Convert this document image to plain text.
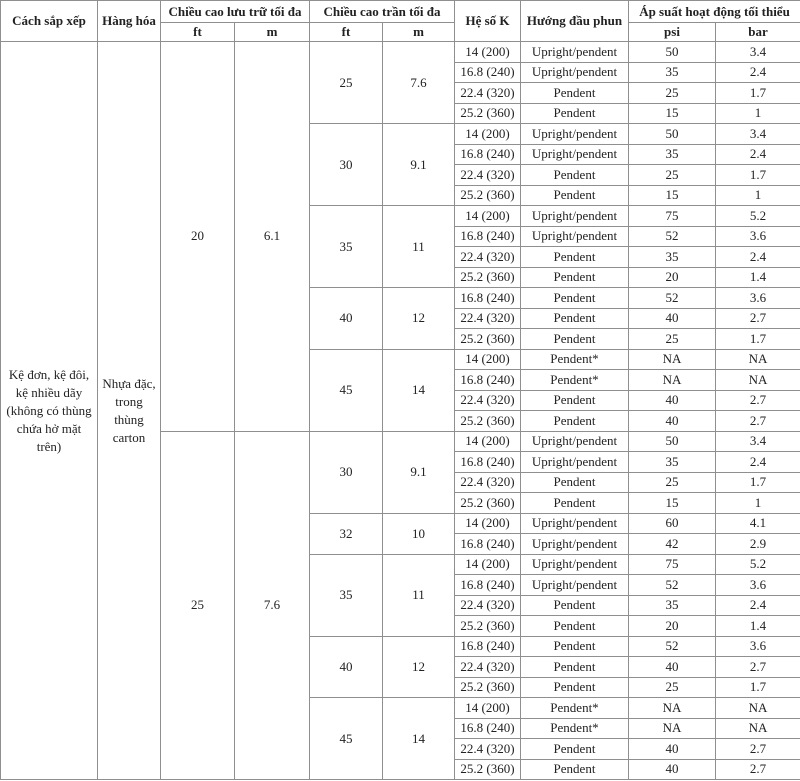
Cách sắp xếp	Hàng hóa	Chiều cao lưu trữ tối đa		Chiều cao trần tối đa		Hệ số K	Hướng đầu phun	Áp suất hoạt động tối thiểu	
		ft	m	ft	m			psi	bar
Kệ đơn, kệ đôi, kệ nhiều dãy (không có thùng chứa hở mặt trên)	Nhựa đặc, trong thùng carton	20	6.1	25	7.6	14 (200)	Upright/pendent	50	3.4
						16.8 (240)	Upright/pendent	35	2.4
						22.4 (320)	Pendent	25	1.7
						25.2 (360)	Pendent	15	1
				30	9.1	14 (200)	Upright/pendent	50	3.4
						16.8 (240)	Upright/pendent	35	2.4
						22.4 (320)	Pendent	25	1.7
						25.2 (360)	Pendent	15	1
				35	11	14 (200)	Upright/pendent	75	5.2
						16.8 (240)	Upright/pendent	52	3.6
						22.4 (320)	Pendent	35	2.4
						25.2 (360)	Pendent	20	1.4
				40	12	16.8 (240)	Pendent	52	3.6
						22.4 (320)	Pendent	40	2.7
						25.2 (360)	Pendent	25	1.7
				45	14	14 (200)	Pendent*	NA	NA
						16.8 (240)	Pendent*	NA	NA
						22.4 (320)	Pendent	40	2.7
						25.2 (360)	Pendent	40	2.7
		25	7.6	30	9.1	14 (200)	Upright/pendent	50	3.4
						16.8 (240)	Upright/pendent	35	2.4
						22.4 (320)	Pendent	25	1.7
						25.2 (360)	Pendent	15	1
				32	10	14 (200)	Upright/pendent	60	4.1
						16.8 (240)	Upright/pendent	42	2.9
				35	11	14 (200)	Upright/pendent	75	5.2
						16.8 (240)	Upright/pendent	52	3.6
						22.4 (320)	Pendent	35	2.4
						25.2 (360)	Pendent	20	1.4
				40	12	16.8 (240)	Pendent	52	3.6
						22.4 (320)	Pendent	40	2.7
						25.2 (360)	Pendent	25	1.7
				45	14	14 (200)	Pendent*	NA	NA
						16.8 (240)	Pendent*	NA	NA
						22.4 (320)	Pendent	40	2.7
						25.2 (360)	Pendent	40	2.7
